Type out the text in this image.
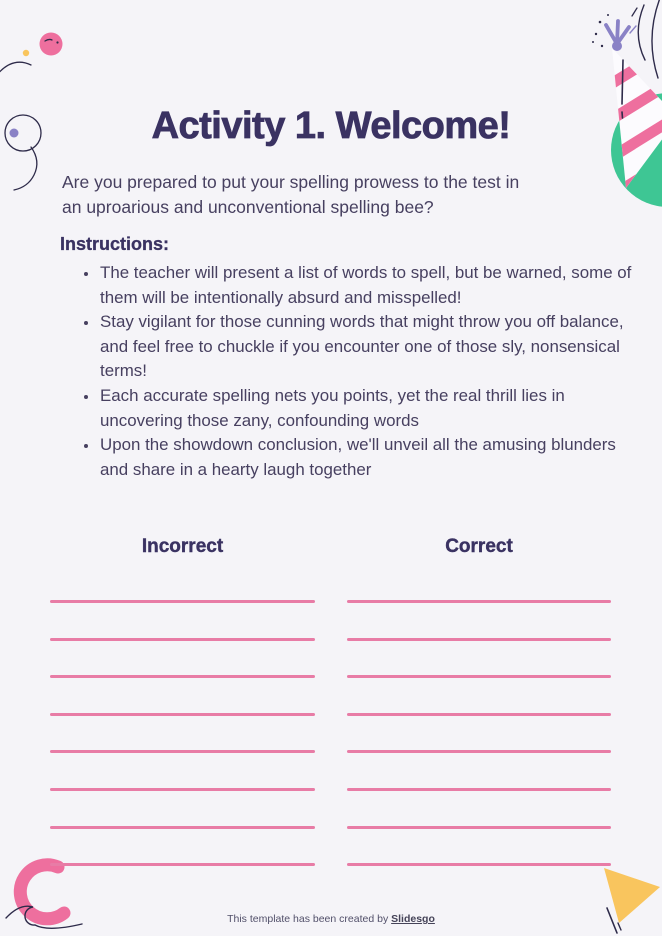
Activity 1. Welcome!

Are you prepared to put your spelling prowess to the test in an uproarious and unconventional spelling bee?

Instructions:
• The teacher will present a list of words to spell, but be warned, some of them will be intentionally absurd and misspelled!
• Stay vigilant for those cunning words that might throw you off balance, and feel free to chuckle if you encounter one of those sly, nonsensical terms!
• Each accurate spelling nets you points, yet the real thrill lies in uncovering those zany, confounding words
• Upon the showdown conclusion, we'll unveil all the amusing blunders and share in a hearty laugh together
Incorrect	Correct
This template has been created by Slidesgo
